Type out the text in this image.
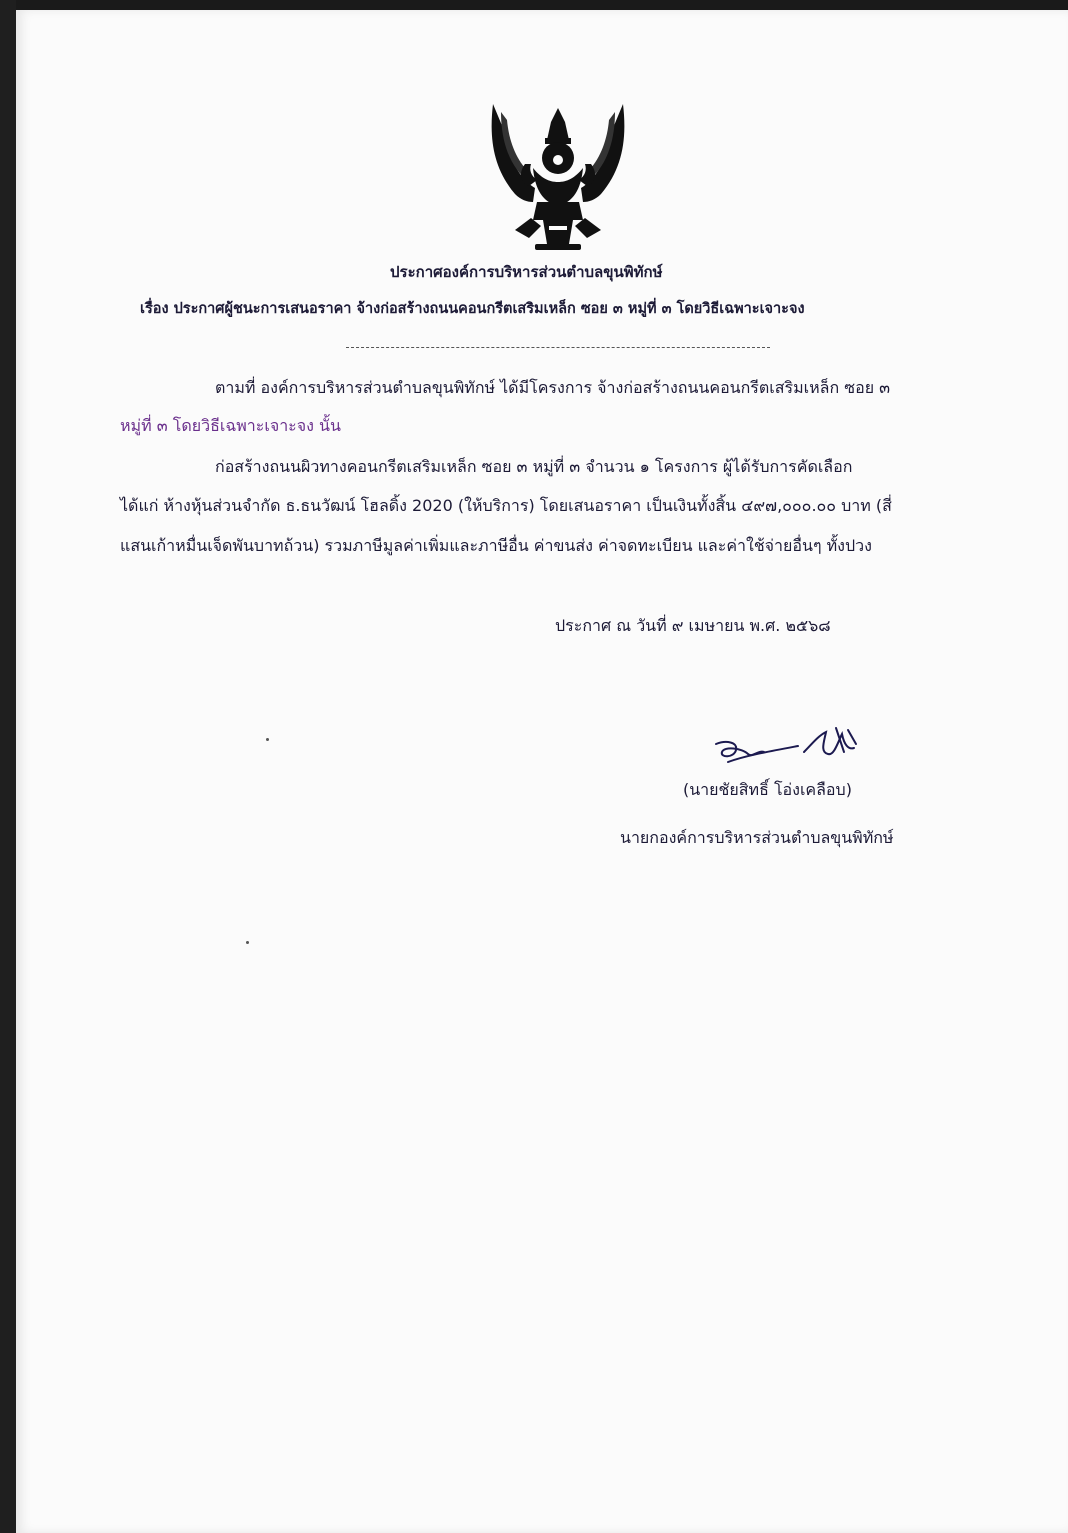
ประกาศองค์การบริหารส่วนตำบลขุนพิทักษ์
เรื่อง ประกาศผู้ชนะการเสนอราคา จ้างก่อสร้างถนนคอนกรีตเสริมเหล็ก ซอย ๓ หมู่ที่ ๓ โดยวิธีเฉพาะเจาะจง
ตามที่ องค์การบริหารส่วนตำบลขุนพิทักษ์ ได้มีโครงการ จ้างก่อสร้างถนนคอนกรีตเสริมเหล็ก ซอย ๓
หมู่ที่ ๓ โดยวิธีเฉพาะเจาะจง นั้น
ก่อสร้างถนนผิวทางคอนกรีตเสริมเหล็ก ซอย ๓ หมู่ที่ ๓ จำนวน ๑ โครงการ ผู้ได้รับการคัดเลือก
ได้แก่ ห้างหุ้นส่วนจำกัด ธ.ธนวัฒน์ โฮลดิ้ง 2020 (ให้บริการ) โดยเสนอราคา เป็นเงินทั้งสิ้น ๔๙๗,๐๐๐.๐๐ บาท (สี่
แสนเก้าหมื่นเจ็ดพันบาทถ้วน) รวมภาษีมูลค่าเพิ่มและภาษีอื่น ค่าขนส่ง ค่าจดทะเบียน และค่าใช้จ่ายอื่นๆ ทั้งปวง
ประกาศ ณ วันที่ ๙ เมษายน พ.ศ. ๒๕๖๘
(นายชัยสิทธิ์ โอ่งเคลือบ)
นายกองค์การบริหารส่วนตำบลขุนพิทักษ์
